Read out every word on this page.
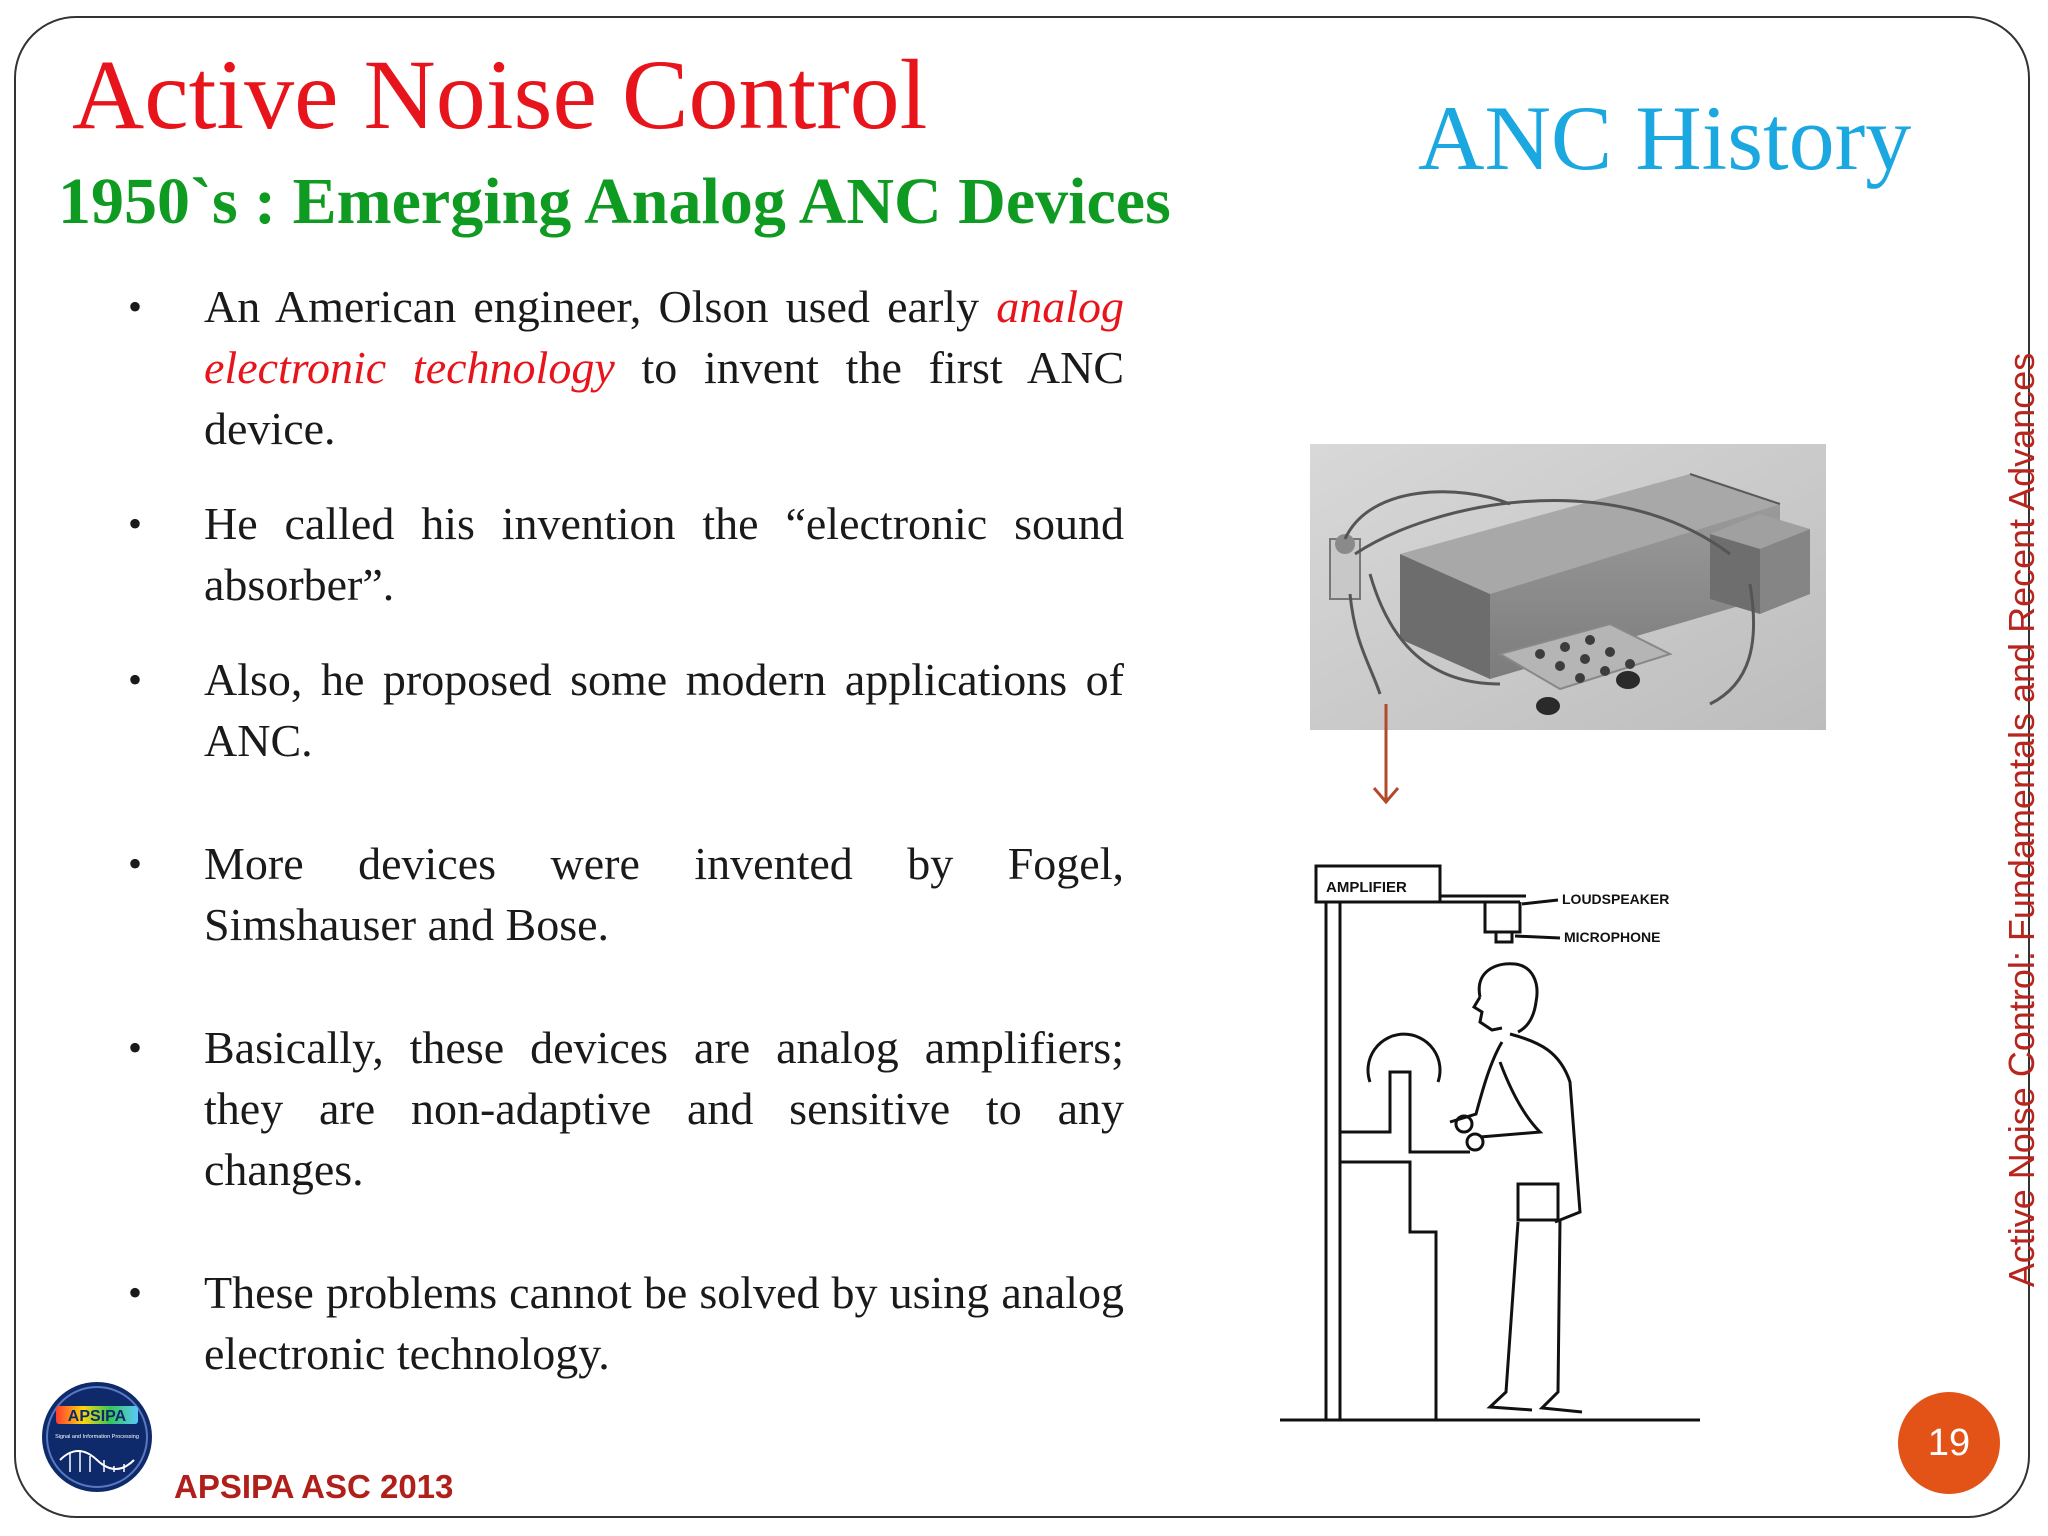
Active Noise Control	ANC History
1950`s : Emerging Analog ANC Devices
• An American engineer, Olson used early analog electronic technology to invent the first ANC device.
• He called his invention the “electronic sound absorber”.
• Also, he proposed some modern applications of ANC.
• More devices were invented by Fogel, Simshauser and Bose.
• Basically, these devices are analog amplifiers; they are non-adaptive and sensitive to any changes.
• These problems cannot be solved by using analog electronic technology.
AMPLIFIER
LOUDSPEAKER
MICROPHONE	Active Noise Control: Fundamentals and Recent Advances
APSIPA
Signal and Information Processing

APSIPA ASC 2013

19
